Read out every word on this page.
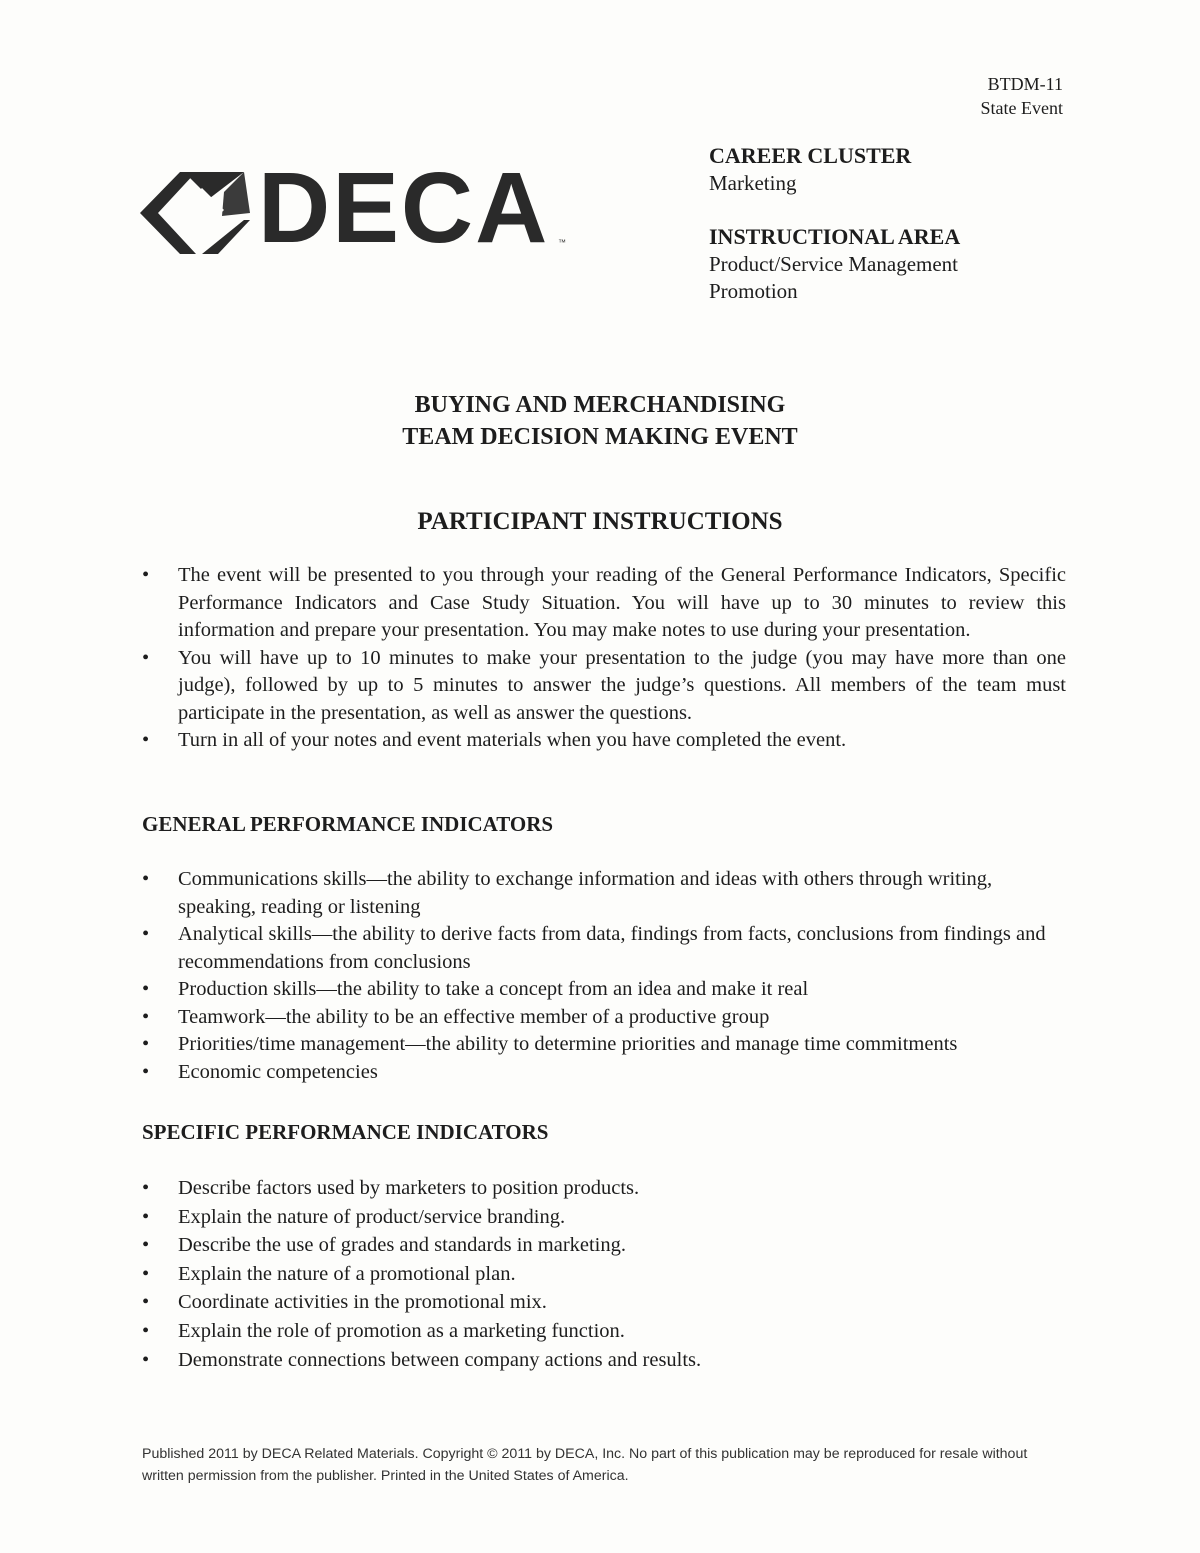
BTDM-11
State Event
DECA ™
CAREER CLUSTER
Marketing
INSTRUCTIONAL AREA
Product/Service Management
Promotion
BUYING AND MERCHANDISING
TEAM DECISION MAKING EVENT
PARTICIPANT INSTRUCTIONS
• The event will be presented to you through your reading of the General Performance Indicators, Specific Performance Indicators and Case Study Situation. You will have up to 30 minutes to review this information and prepare your presentation. You may make notes to use during your presentation.
• You will have up to 10 minutes to make your presentation to the judge (you may have more than one judge), followed by up to 5 minutes to answer the judge’s questions. All members of the team must participate in the presentation, as well as answer the questions.
• Turn in all of your notes and event materials when you have completed the event.
GENERAL PERFORMANCE INDICATORS
• Communications skills—the ability to exchange information and ideas with others through writing, speaking, reading or listening
• Analytical skills—the ability to derive facts from data, findings from facts, conclusions from findings and recommendations from conclusions
• Production skills—the ability to take a concept from an idea and make it real
• Teamwork—the ability to be an effective member of a productive group
• Priorities/time management—the ability to determine priorities and manage time commitments
• Economic competencies
SPECIFIC PERFORMANCE INDICATORS
• Describe factors used by marketers to position products.
• Explain the nature of product/service branding.
• Describe the use of grades and standards in marketing.
• Explain the nature of a promotional plan.
• Coordinate activities in the promotional mix.
• Explain the role of promotion as a marketing function.
• Demonstrate connections between company actions and results.
Published 2011 by DECA Related Materials. Copyright © 2011 by DECA, Inc. No part of this publication may be reproduced for resale without written permission from the publisher. Printed in the United States of America.
